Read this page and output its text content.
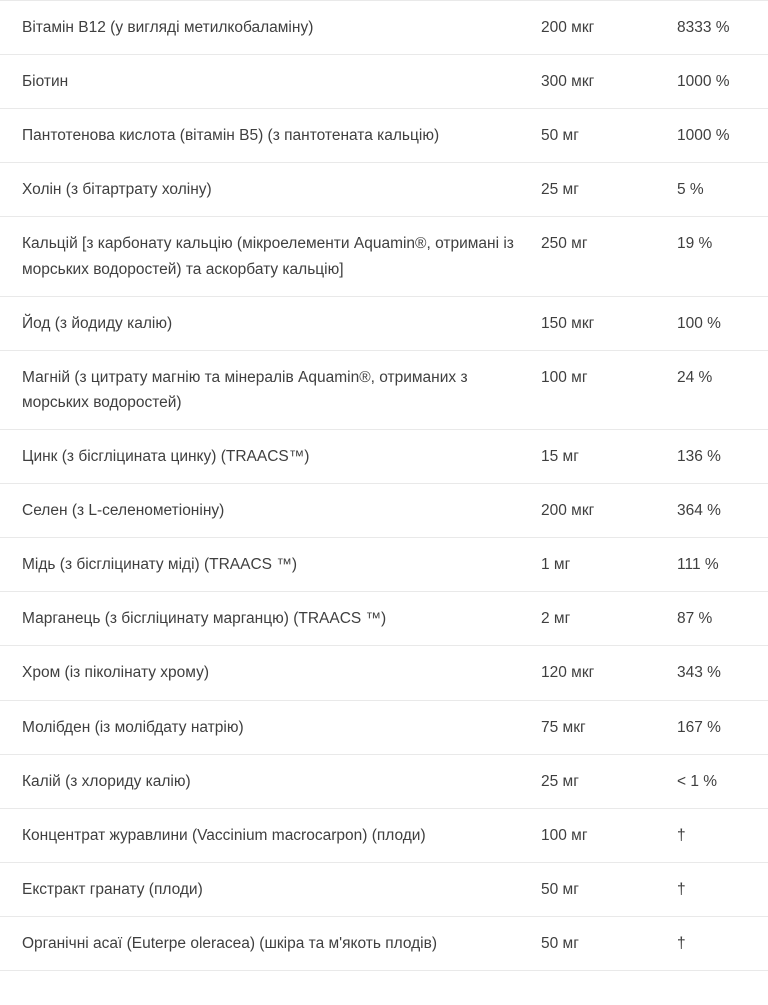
Вітамін B12 (у вигляді метилкобаламіну)	200 мкг	8333 %
Біотин	300 мкг	1000 %
Пантотенова кислота (вітамін B5) (з пантотената кальцію)	50 мг	1000 %
Холін (з бітартрату холіну)	25 мг	5 %
Кальцій [з карбонату кальцію (мікроелементи Aquamin®, отримані із морських водоростей) та аскорбату кальцію]	250 мг	19 %
Йод (з йодиду калію)	150 мкг	100 %
Магній (з цитрату магнію та мінералів Aquamin®, отриманих з морських водоростей)	100 мг	24 %
Цинк (з бісгліцината цинку) (TRAACS™)	15 мг	136 %
Селен (з L-селенометіоніну)	200 мкг	364 %
Мідь (з бісгліцинату міді) (TRAACS ™)	1 мг	111 %
Марганець (з бісгліцинату марганцю) (TRAACS ™)	2 мг	87 %
Хром (із піколінату хрому)	120 мкг	343 %
Молібден (із молібдату натрію)	75 мкг	167 %
Калій (з хлориду калію)	25 мг	< 1 %
Концентрат журавлини (Vaccinium macrocarpon) (плоди)	100 мг	†
Екстракт гранату (плоди)	50 мг	†
Органічні асаї (Euterpe oleracea) (шкіра та м'якоть плодів)	50 мг	†
